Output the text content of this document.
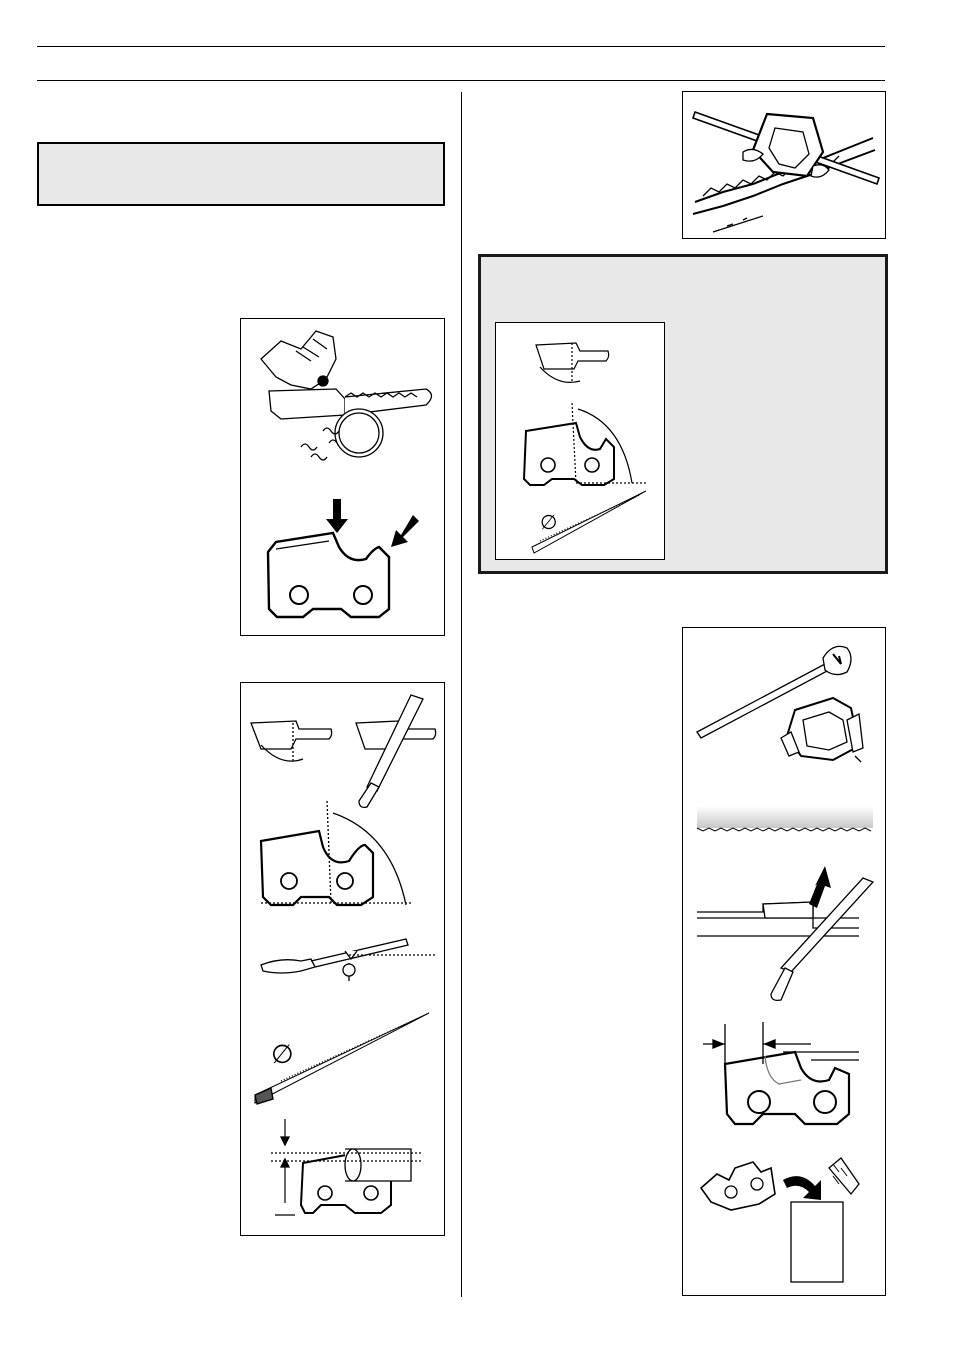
∅
∅
